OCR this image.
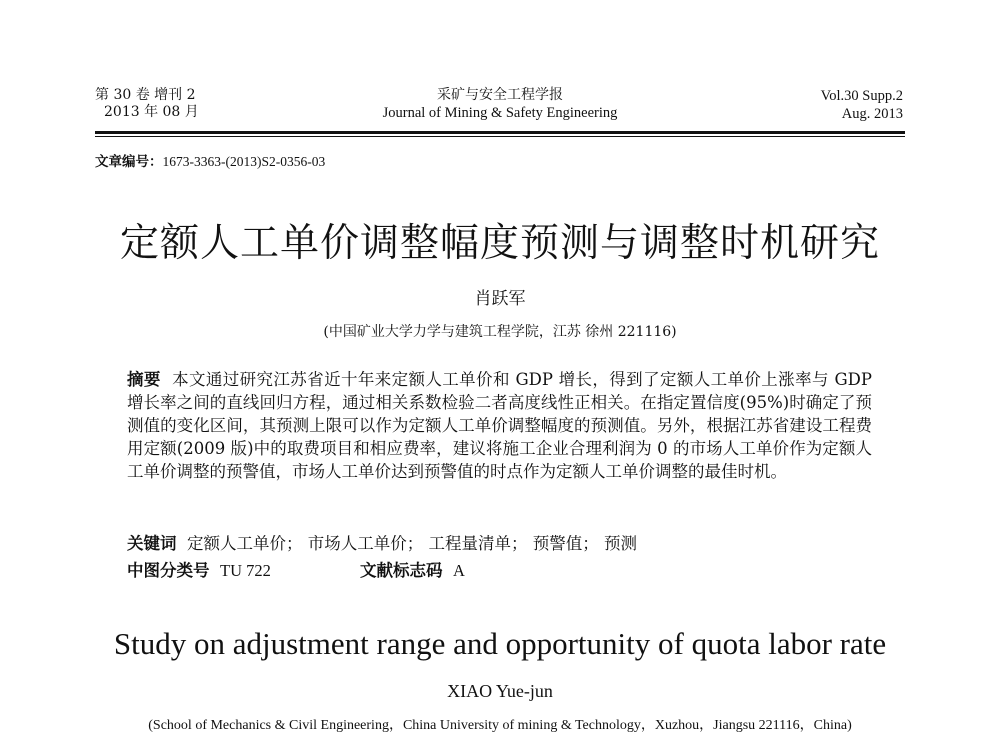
第 30 卷 增刊 2
2013 年 08 月
采矿与安全工程学报
Journal of Mining & Safety Engineering
Vol.30 Supp.2
Aug. 2013
文章编号：1673-3363-(2013)S2-0356-03
定额人工单价调整幅度预测与调整时机研究
肖跃军
(中国矿业大学力学与建筑工程学院，江苏 徐州 221116)
摘要 本文通过研究江苏省近十年来定额人工单价和 GDP 增长，得到了定额人工单价上涨率与 GDP 增长率之间的直线回归方程，通过相关系数检验二者高度线性正相关。在指定置信度(95%)时确定了预测值的变化区间，其预测上限可以作为定额人工单价调整幅度的预测值。另外，根据江苏省建设工程费用定额(2009 版)中的取费项目和相应费率，建议将施工企业合理利润为 0 的市场人工单价作为定额人工单价调整的预警值，市场人工单价达到预警值的时点作为定额人工单价调整的最佳时机。
关键词 定额人工单价； 市场人工单价； 工程量清单； 预警值； 预测
中图分类号 TU 722	文献标志码 A
Study on adjustment range and opportunity of quota labor rate
XIAO Yue-jun
(School of Mechanics & Civil Engineering，China University of mining & Technology，Xuzhou，Jiangsu 221116，China)
